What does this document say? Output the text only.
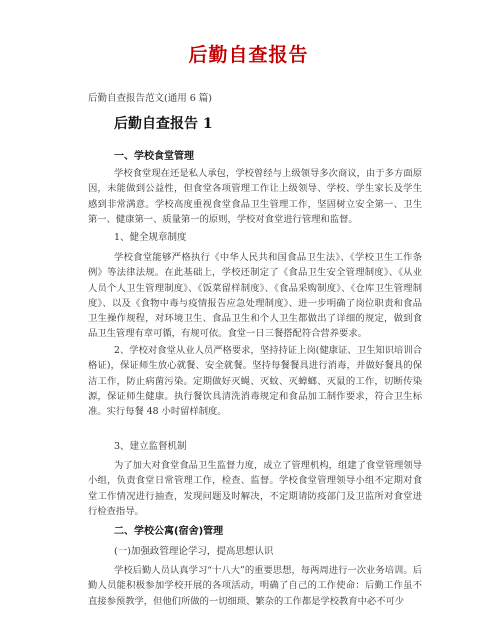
后勤自查报告
后勤自查报告范文(通用 6 篇)
后勤自查报告 1
一、学校食堂管理

学校食堂现在还是私人承包，学校曾经与上级领导多次商议，由于多方面原因，未能做到公益性，但食堂各项管理工作让上级领导、学校、学生家长及学生感到非常满意。学校高度重视食堂食品卫生管理工作，坚固树立安全第一、卫生第一、健康第一、质量第一的原则，学校对食堂进行管理和监督。

1、健全规章制度

学校食堂能够严格执行《中华人民共和国食品卫生法》、《学校卫生工作条例》等法律法规。在此基础上，学校还制定了《食品卫生安全管理制度》、《从业人员个人卫生管理制度》、《饭菜留样制度》、《食品采购制度》、《仓库卫生管理制度》、以及《食物中毒与疫情报告应急处理制度》、进一步明确了岗位职责和食品卫生操作规程，对环境卫生、食品卫生和个人卫生都做出了详细的规定，做到食品卫生管理有章可循，有规可依。食堂一日三餐搭配符合营养要求。

2、学校对食堂从业人员严格要求，坚持持证上岗(健康证、卫生知识培训合格证)，保证师生放心就餐、安全就餐。坚持每餐餐具进行消毒，并做好餐具的保洁工作，防止病菌污染。定期做好灭蝇、灭蚊、灭蟑螂、灭鼠的工作，切断传染源，保证师生健康。执行餐饮具清洗消毒规定和食品加工制作要求，符合卫生标准。实行每餐 48 小时留样制度。

3、建立监督机制

为了加大对食堂食品卫生监督力度，成立了管理机构，组建了食堂管理领导小组，负责食堂日常管理工作，检查、监督。学校食堂管理领导小组不定期对食堂工作情况进行抽查，发现问题及时解决，不定期请防疫部门及卫监所对食堂进行检查指导。

二、学校公寓(宿舍)管理
(一)加强政管理论学习，提高思想认识

学校后勤人员认真学习“十八大”的重要思想，每两周进行一次业务培训。后勤人员能积极参加学校开展的各项活动，明确了自己的工作使命：后勤工作虽不直接参预教学，但他们所做的一切细琐、繁杂的工作都是学校教育中必不可少
